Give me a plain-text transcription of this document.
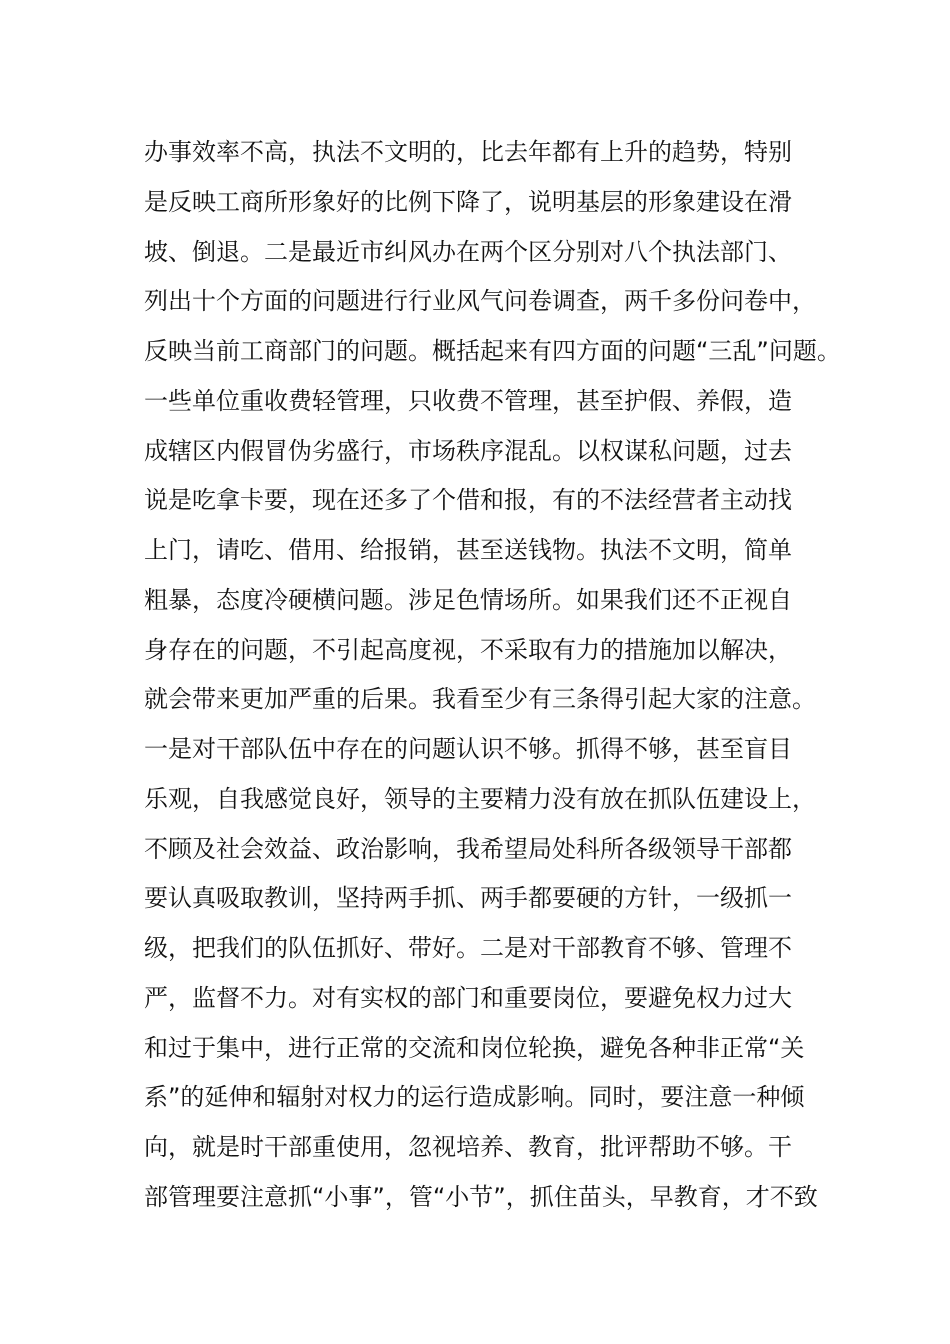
办事效率不高，执法不文明的，比去年都有上升的趋势，特别
是反映工商所形象好的比例下降了，说明基层的形象建设在滑
坡、倒退。二是最近市纠风办在两个区分别对八个执法部门、
列出十个方面的问题进行行业风气问卷调查，两千多份问卷中，
反映当前工商部门的问题。概括起来有四方面的问题“三乱”问题。
一些单位重收费轻管理，只收费不管理，甚至护假、养假，造
成辖区内假冒伪劣盛行，市场秩序混乱。以权谋私问题，过去
说是吃拿卡要，现在还多了个借和报，有的不法经营者主动找
上门，请吃、借用、给报销，甚至送钱物。执法不文明，简单
粗暴，态度冷硬横问题。涉足色情场所。如果我们还不正视自
身存在的问题，不引起高度视，不采取有力的措施加以解决，
就会带来更加严重的后果。我看至少有三条得引起大家的注意。
一是对干部队伍中存在的问题认识不够。抓得不够，甚至盲目
乐观，自我感觉良好，领导的主要精力没有放在抓队伍建设上，
不顾及社会效益、政治影响，我希望局处科所各级领导干部都
要认真吸取教训，坚持两手抓、两手都要硬的方针，一级抓一
级，把我们的队伍抓好、带好。二是对干部教育不够、管理不
严，监督不力。对有实权的部门和重要岗位，要避免权力过大
和过于集中，进行正常的交流和岗位轮换，避免各种非正常“关
系”的延伸和辐射对权力的运行造成影响。同时，要注意一种倾
向，就是时干部重使用，忽视培养、教育，批评帮助不够。干
部管理要注意抓“小事”，管“小节”，抓住苗头，早教育，才不致
